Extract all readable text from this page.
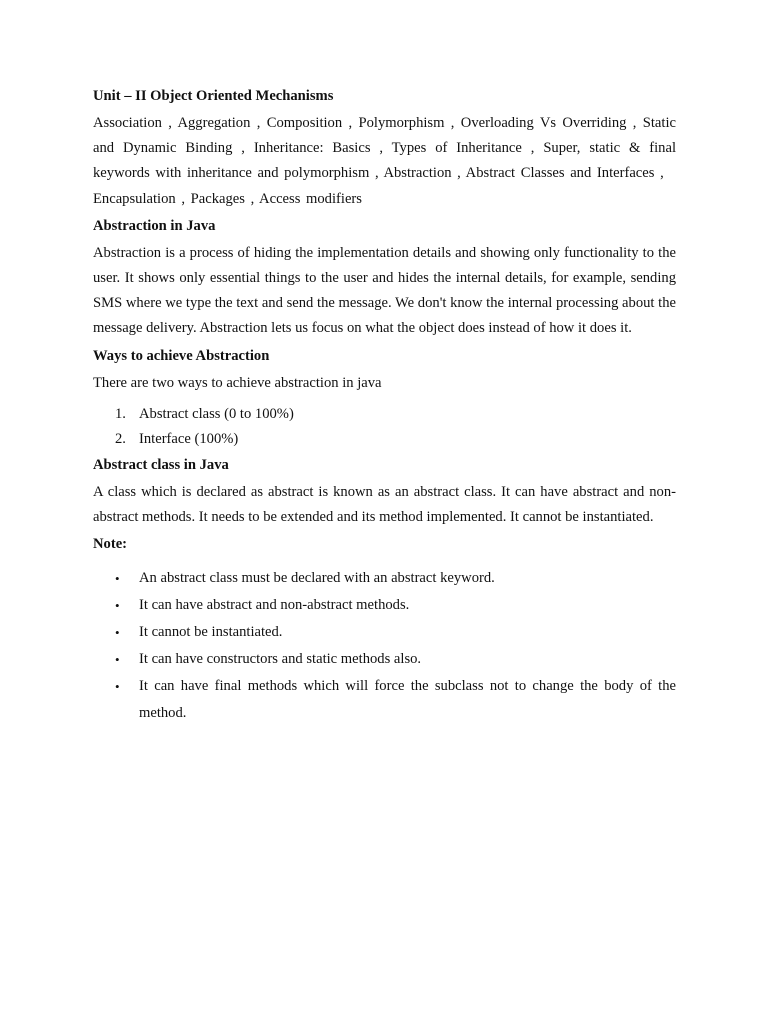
Unit – II Object Oriented Mechanisms
Association , Aggregation , Composition , Polymorphism , Overloading Vs Overriding , Static and Dynamic Binding , Inheritance: Basics , Types of Inheritance , Super, static & final keywords with inheritance and polymorphism , Abstraction , Abstract Classes and Interfaces ,
Encapsulation , Packages , Access modifiers
Abstraction in Java
Abstraction is a process of hiding the implementation details and showing only functionality to the user. It shows only essential things to the user and hides the internal details, for example, sending SMS where we type the text and send the message. We don't know the internal processing about the message delivery. Abstraction lets us focus on what the object does instead of how it does it.
Ways to achieve Abstraction
There are two ways to achieve abstraction in java
1. Abstract class (0 to 100%)
2. Interface (100%)
Abstract class in Java
A class which is declared as abstract is known as an abstract class. It can have abstract and non-abstract methods. It needs to be extended and its method implemented. It cannot be instantiated.
Note:
• An abstract class must be declared with an abstract keyword.
• It can have abstract and non-abstract methods.
• It cannot be instantiated.
• It can have constructors and static methods also.
• It can have final methods which will force the subclass not to change the body of the method.
